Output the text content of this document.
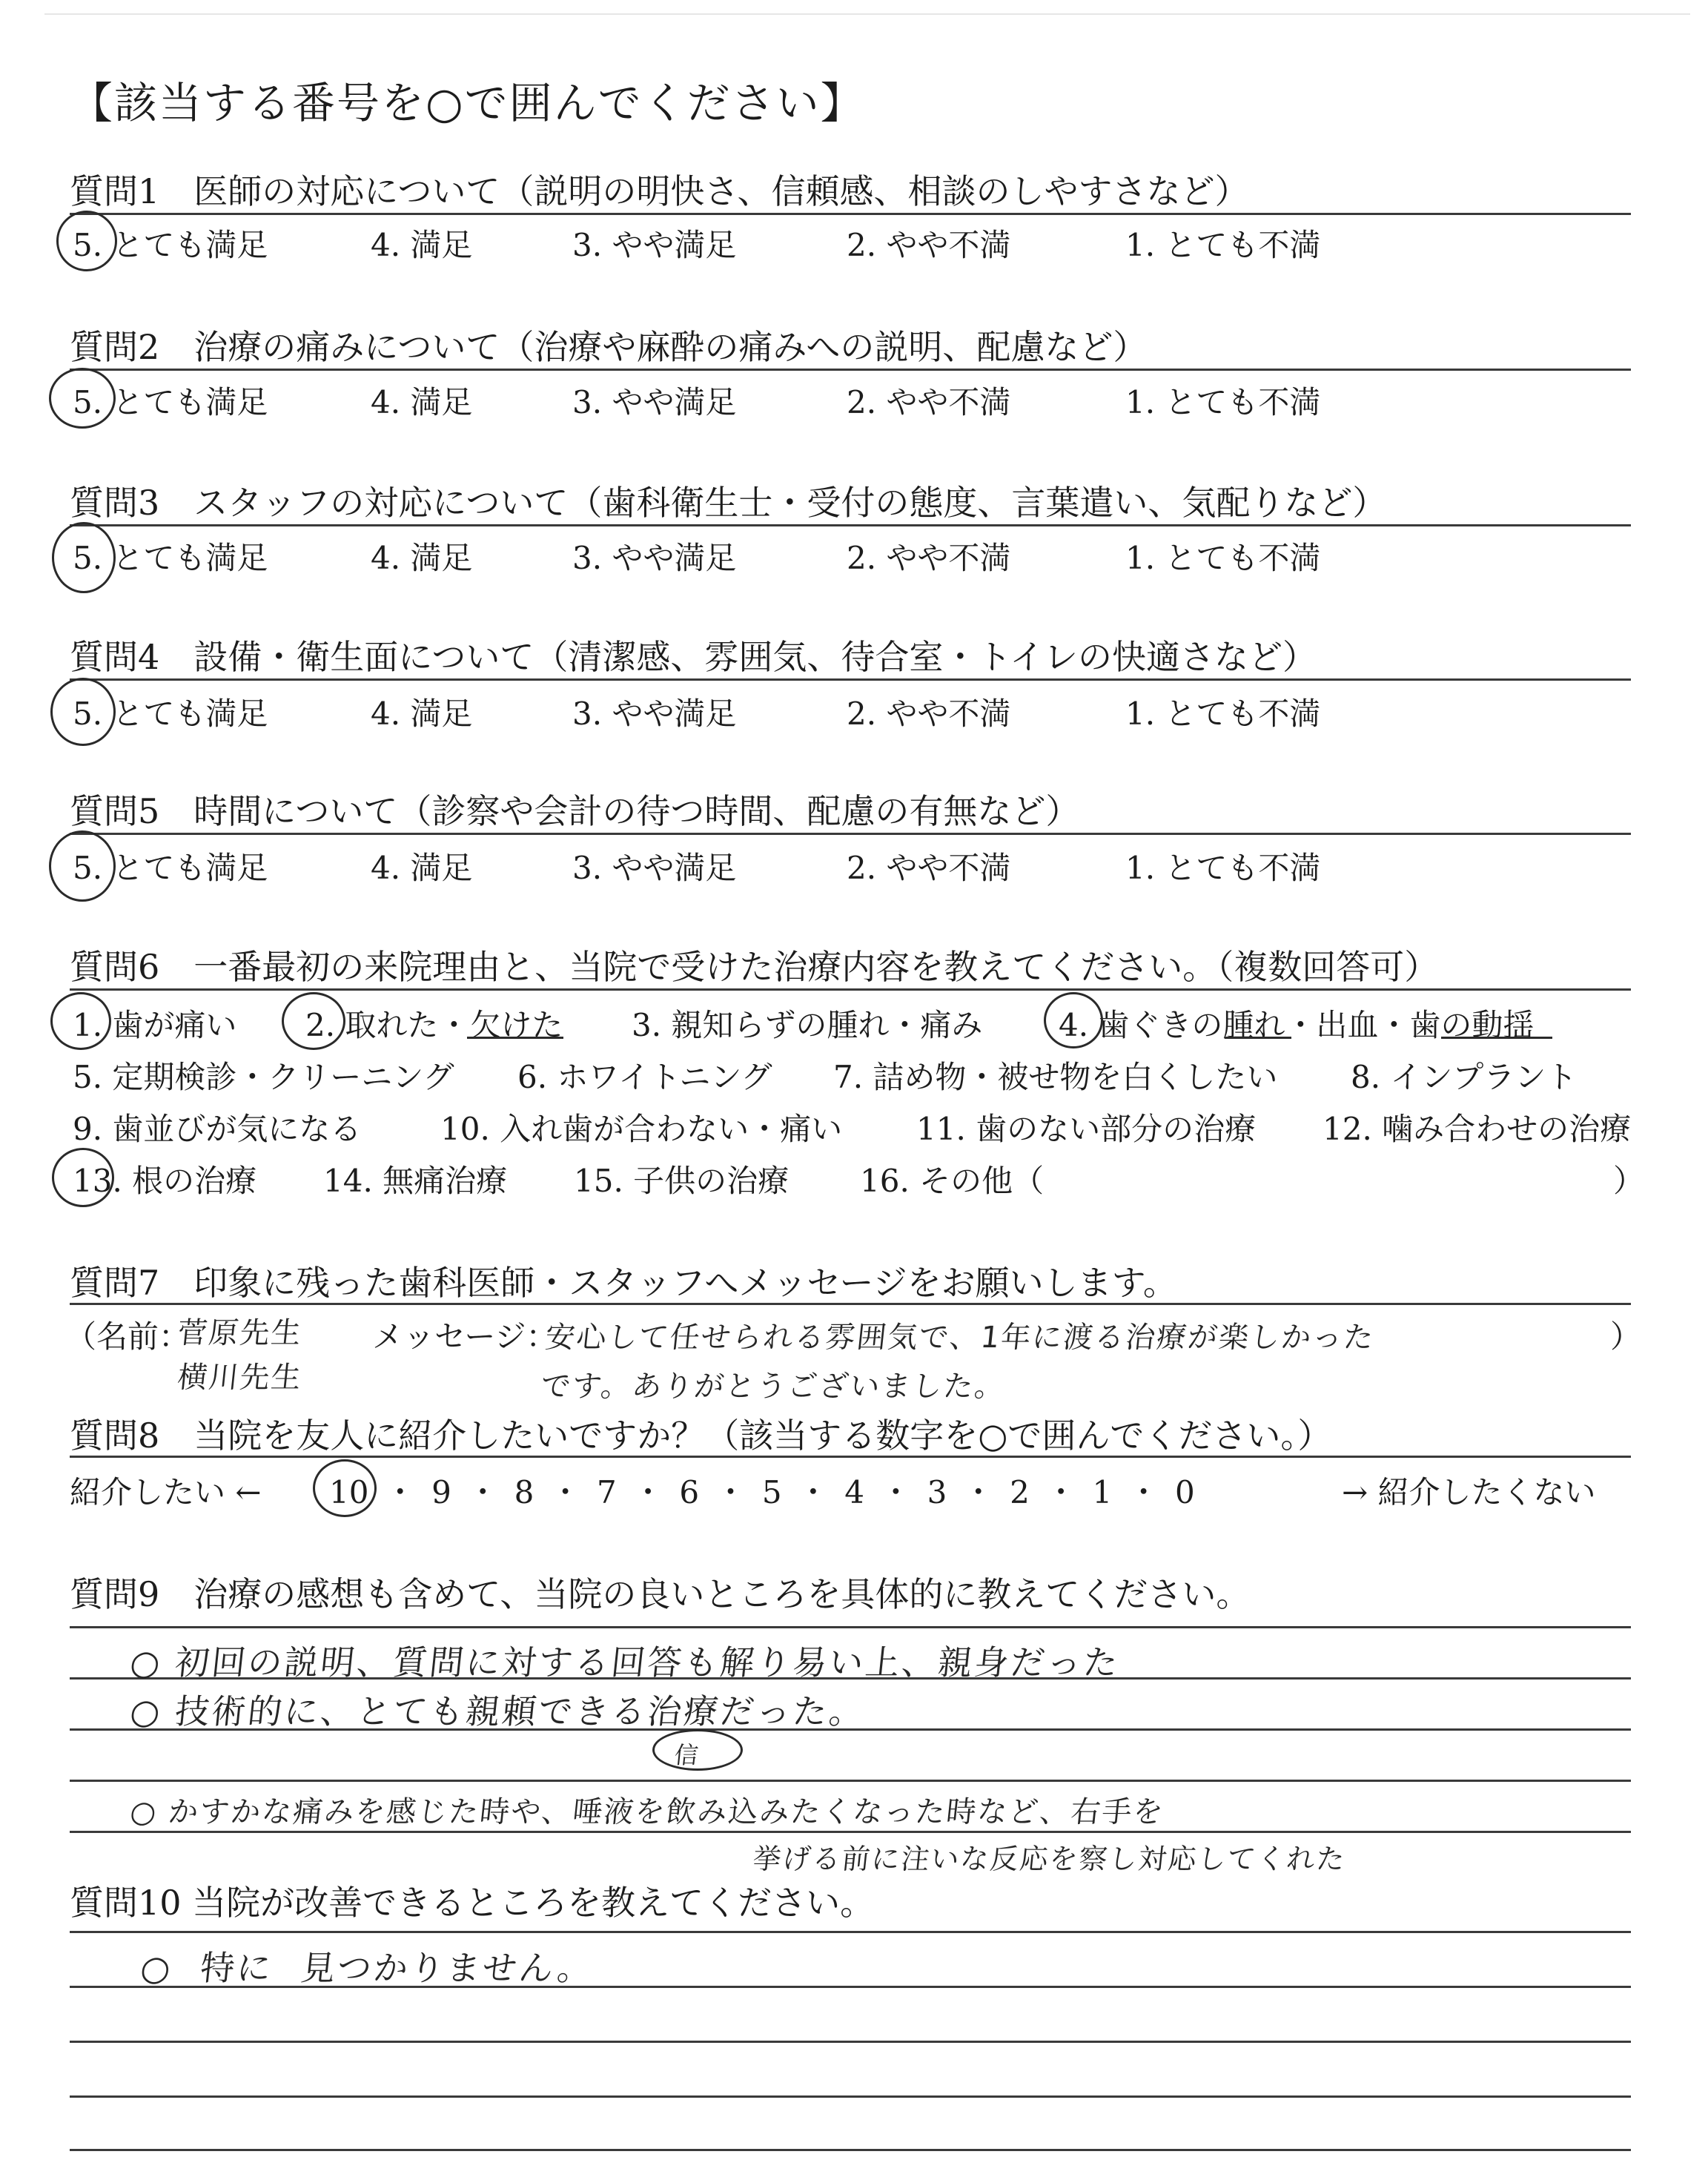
【該当する番号を○で囲んでください】
質問1　医師の対応について（説明の明快さ、信頼感、相談のしやすさなど）
5. とても満足	4. 満足	3. やや満足	2. やや不満	1. とても不満
質問2　治療の痛みについて（治療や麻酔の痛みへの説明、配慮など）
5. とても満足	4. 満足	3. やや満足	2. やや不満	1. とても不満
質問3　スタッフの対応について（歯科衛生士・受付の態度、言葉遣い、気配りなど）
5. とても満足	4. 満足	3. やや満足	2. やや不満	1. とても不満
質問4　設備・衛生面について（清潔感、雰囲気、待合室・トイレの快適さなど）
5. とても満足	4. 満足	3. やや満足	2. やや不満	1. とても不満
質問5　時間について（診察や会計の待つ時間、配慮の有無など）
5. とても満足	4. 満足	3. やや満足	2. やや不満	1. とても不満
質問6　一番最初の来院理由と、当院で受けた治療内容を教えてください。（複数回答可）
1. 歯が痛い 2. 取れた・欠けた 3. 親知らずの腫れ・痛み 4. 歯ぐきの腫れ・出血・歯の動揺
5. 定期検診・クリーニング 6. ホワイトニング 7. 詰め物・被せ物を白くしたい 8. インプラント
9. 歯並びが気になる	10. 入れ歯が合わない・痛い 11. 歯のない部分の治療 12. 噛み合わせの治療
13. 根の治療 14. 無痛治療 15. 子供の治療 16. その他（	）
質問7　印象に残った歯科医師・スタッフへメッセージをお願いします。
（名前：
菅原先生
横川先生
メッセージ：
安心して任せられる雰囲気で、1年に渡る治療が楽しかった
です。ありがとうございました。
）
質問8　当院を友人に紹介したいですか？（該当する数字を○で囲んでください。）
紹介したい ← 10 ・ 9 ・ 8 ・ 7 ・ 6 ・ 5 ・ 4 ・ 3 ・ 2 ・ 1 ・ 0	→ 紹介したくない
質問9　治療の感想も含めて、当院の良いところを具体的に教えてください。
○ 初回の説明、質問に対する回答も解り易い上、親身だった
○ 技術的に、とても親頼できる治療だった。
信
○ かすかな痛みを感じた時や、唾液を飲み込みたくなった時など、右手を
挙げる前に注いな反応を察し対応してくれた
質問10 当院が改善できるところを教えてください。
○ 特に 見つかりません。
